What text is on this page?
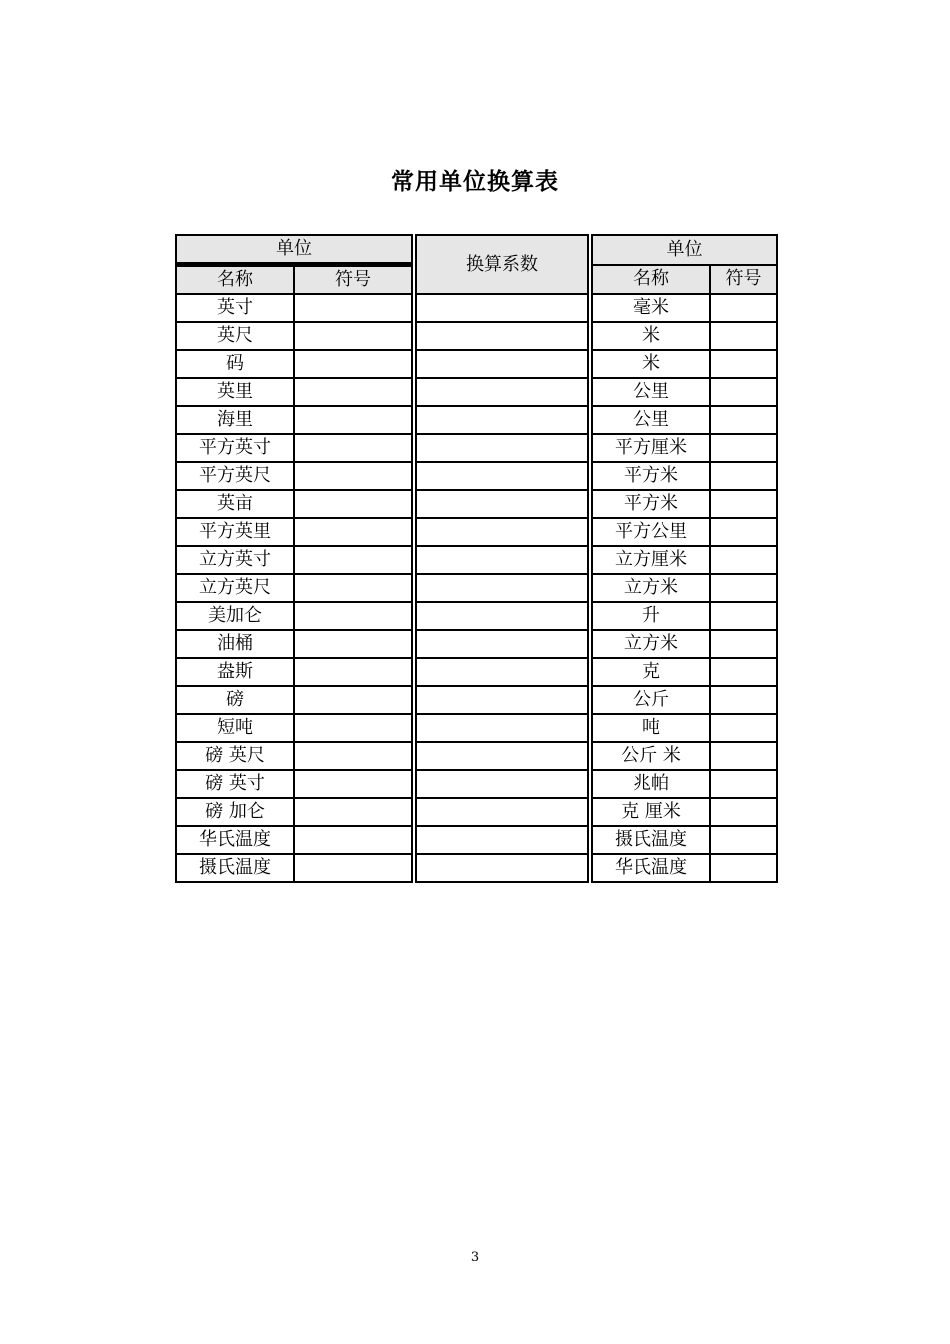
常用单位换算表
单位			换算系数		单位	
名称	符号				名称	符号
英寸					毫米	
英尺					米	
码					米	
英里					公里	
海里					公里	
平方英寸					平方厘米	
平方英尺					平方米	
英亩					平方米	
平方英里					平方公里	
立方英寸					立方厘米	
立方英尺					立方米	
美加仑					升	
油桶					立方米	
盎斯					克	
磅					公斤	
短吨					吨	
磅 英尺					公斤 米	
磅 英寸					兆帕	
磅 加仑					克 厘米	
华氏温度					摄氏温度	
摄氏温度					华氏温度	
3
